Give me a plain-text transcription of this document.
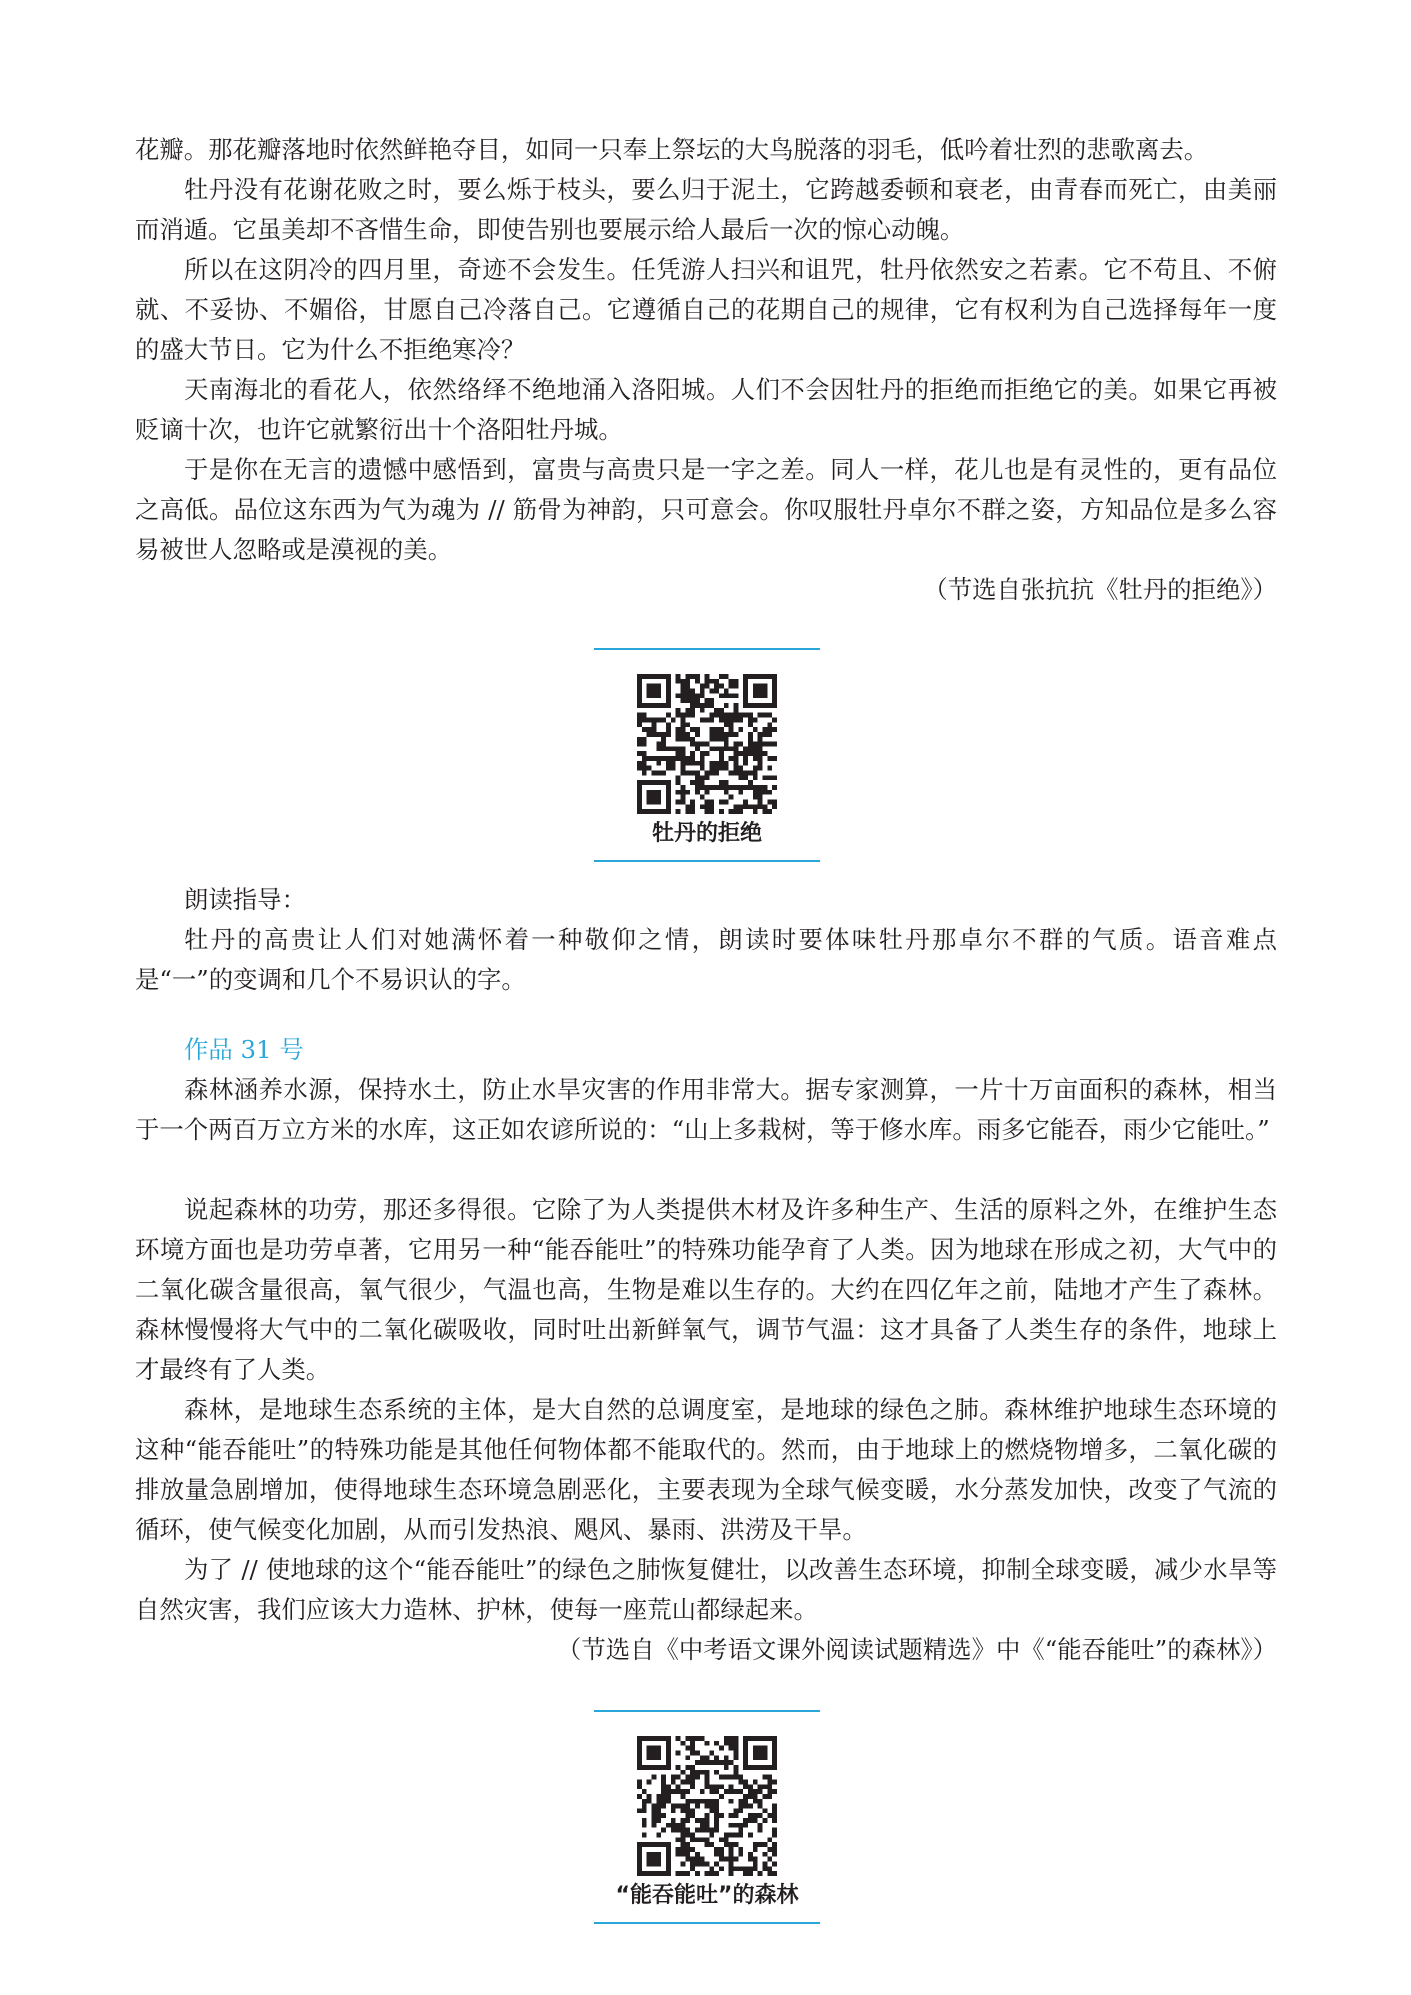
花瓣。那花瓣落地时依然鲜艳夺目，如同一只奉上祭坛的大鸟脱落的羽毛，低吟着壮烈的悲歌离去。

牡丹没有花谢花败之时，要么烁于枝头，要么归于泥土，它跨越委顿和衰老，由青春而死亡，由美丽而消遁。它虽美却不吝惜生命，即使告别也要展示给人最后一次的惊心动魄。

所以在这阴冷的四月里，奇迹不会发生。任凭游人扫兴和诅咒，牡丹依然安之若素。它不苟且、不俯就、不妥协、不媚俗，甘愿自己冷落自己。它遵循自己的花期自己的规律，它有权利为自己选择每年一度的盛大节日。它为什么不拒绝寒冷？

天南海北的看花人，依然络绎不绝地涌入洛阳城。人们不会因牡丹的拒绝而拒绝它的美。如果它再被贬谪十次，也许它就繁衍出十个洛阳牡丹城。

于是你在无言的遗憾中感悟到，富贵与高贵只是一字之差。同人一样，花儿也是有灵性的，更有品位之高低。品位这东西为气为魂为 // 筋骨为神韵，只可意会。你叹服牡丹卓尔不群之姿，方知品位是多么容易被世人忽略或是漠视的美。

（节选自张抗抗《牡丹的拒绝》）

牡丹的拒绝

朗读指导：

牡丹的高贵让人们对她满怀着一种敬仰之情，朗读时要体味牡丹那卓尔不群的气质。语音难点是“一”的变调和几个不易识认的字。

作品 31 号

森林涵养水源，保持水土，防止水旱灾害的作用非常大。据专家测算，一片十万亩面积的森林，相当于一个两百万立方米的水库，这正如农谚所说的：“山上多栽树，等于修水库。雨多它能吞，雨少它能吐。”

说起森林的功劳，那还多得很。它除了为人类提供木材及许多种生产、生活的原料之外，在维护生态环境方面也是功劳卓著，它用另一种“能吞能吐”的特殊功能孕育了人类。因为地球在形成之初，大气中的二氧化碳含量很高，氧气很少，气温也高，生物是难以生存的。大约在四亿年之前，陆地才产生了森林。森林慢慢将大气中的二氧化碳吸收，同时吐出新鲜氧气，调节气温：这才具备了人类生存的条件，地球上才最终有了人类。

森林，是地球生态系统的主体，是大自然的总调度室，是地球的绿色之肺。森林维护地球生态环境的这种“能吞能吐”的特殊功能是其他任何物体都不能取代的。然而，由于地球上的燃烧物增多，二氧化碳的排放量急剧增加，使得地球生态环境急剧恶化，主要表现为全球气候变暖，水分蒸发加快，改变了气流的循环，使气候变化加剧，从而引发热浪、飓风、暴雨、洪涝及干旱。

为了 // 使地球的这个“能吞能吐”的绿色之肺恢复健壮，以改善生态环境，抑制全球变暖，减少水旱等自然灾害，我们应该大力造林、护林，使每一座荒山都绿起来。

（节选自《中考语文课外阅读试题精选》中《“能吞能吐”的森林》）

“能吞能吐”的森林
